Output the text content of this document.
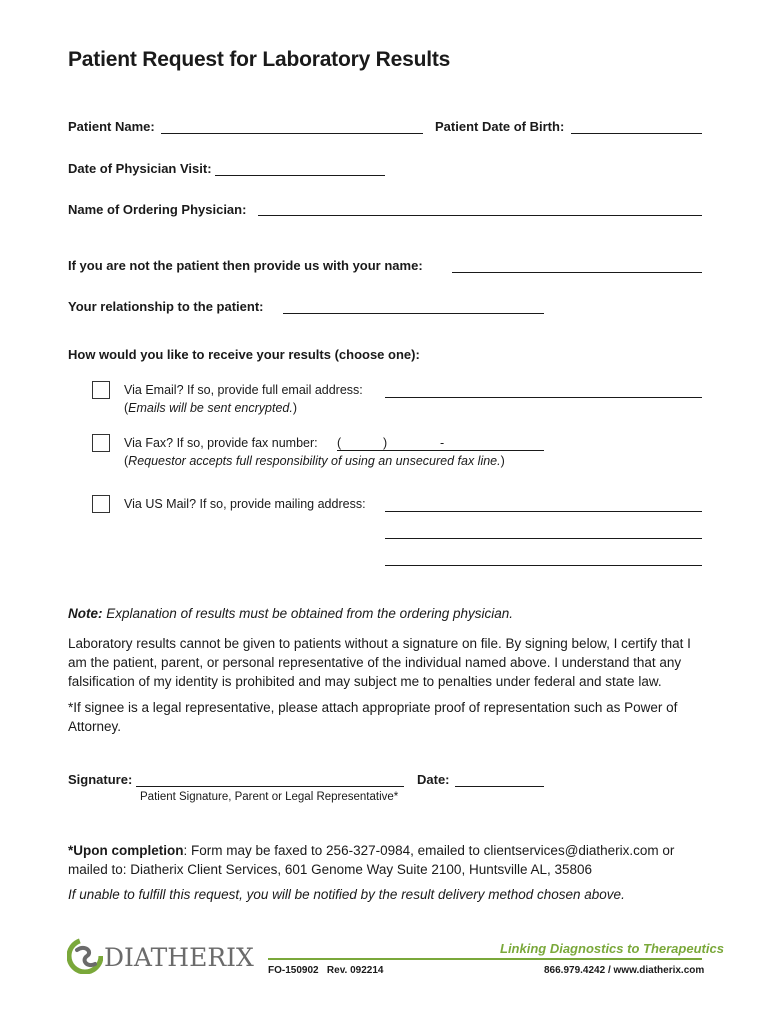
Patient Request for Laboratory Results
Patient Name:	Patient Date of Birth:
Date of Physician Visit:
Name of Ordering Physician:
If you are not the patient then provide us with your name:
Your relationship to the patient:
How would you like to receive your results (choose one):
Via Email? If so, provide full email address:
(Emails will be sent encrypted.)
Via Fax? If so, provide fax number: (	)	-
(Requestor accepts full responsibility of using an unsecured fax line.)
Via US Mail? If so, provide mailing address:
Note: Explanation of results must be obtained from the ordering physician.
Laboratory results cannot be given to patients without a signature on file. By signing below, I certify that I am the patient, parent, or personal representative of the individual named above. I understand that any falsification of my identity is prohibited and may subject me to penalties under federal and state law.
*If signee is a legal representative, please attach appropriate proof of representation such as Power of Attorney.
Signature:	Date:
Patient Signature, Parent or Legal Representative*
*Upon completion: Form may be faxed to 256-327-0984, emailed to clientservices@diatherix.com or mailed to: Diatherix Client Services, 601 Genome Way Suite 2100, Huntsville AL, 35806
If unable to fulfill this request, you will be notified by the result delivery method chosen above.
DIATHERIX	Linking Diagnostics to Therapeutics
FO-150902   Rev. 092214	866.979.4242 / www.diatherix.com
